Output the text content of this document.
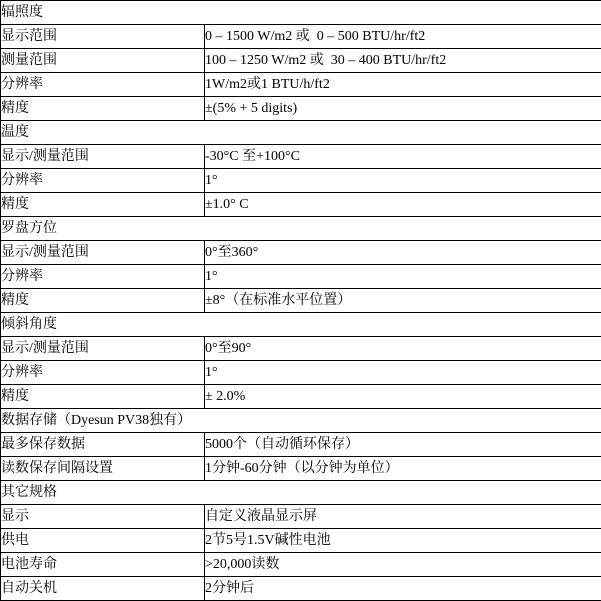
辐照度	
显示范围	0 – 1500 W/m2 或  0 – 500 BTU/hr/ft2
测量范围	100 – 1250 W/m2 或  30 – 400 BTU/hr/ft2
分辨率	1W/m2或1 BTU/h/ft2
精度	±(5% + 5 digits)
温度	
显示/测量范围	-30°C 至+100°C
分辨率	1°
精度	±1.0° C
罗盘方位	
显示/测量范围	0°至360°
分辨率	1°
精度	±8°（在标准水平位置）
倾斜角度	
显示/测量范围	0°至90°
分辨率	1°
精度	± 2.0%
数据存储（Dyesun PV38独有）	
最多保存数据	5000个（自动循环保存）
读数保存间隔设置	1分钟-60分钟（以分钟为单位）
其它规格	
显示	自定义液晶显示屏
供电	2节5号1.5V碱性电池
电池寿命	>20,000读数
自动关机	2分钟后
